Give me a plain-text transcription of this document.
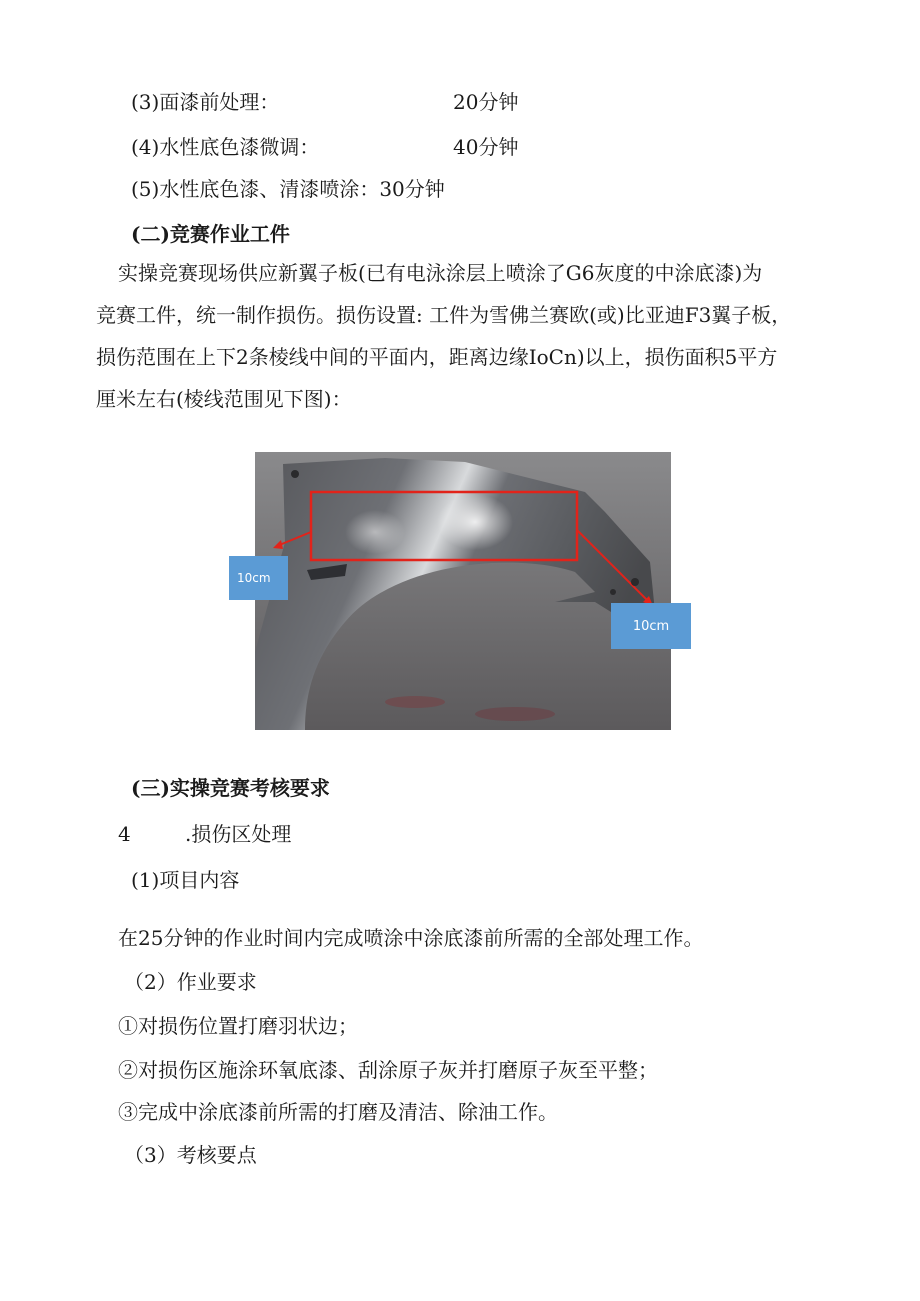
(3)面漆前处理：	20分钟
(4)水性底色漆微调：	40分钟
(5)水性底色漆、清漆喷涂：30分钟
(二)竞赛作业工件
实操竞赛现场供应新翼子板(已有电泳涂层上喷涂了G6灰度的中涂底漆)为
竞赛工件，统一制作损伤。损伤设置: 工件为雪佛兰赛欧(或)比亚迪F3翼子板，
损伤范围在上下2条棱线中间的平面内，距离边缘IoCn)以上，损伤面积5平方
厘米左右(棱线范围见下图)：
10cm
10cm
(三)实操竞赛考核要求
4	.损伤区处理
(1)项目内容
在25分钟的作业时间内完成喷涂中涂底漆前所需的全部处理工作。
（2）作业要求
①对损伤位置打磨羽状边；
②对损伤区施涂环氧底漆、刮涂原子灰并打磨原子灰至平整；
③完成中涂底漆前所需的打磨及清洁、除油工作。
（3）考核要点
